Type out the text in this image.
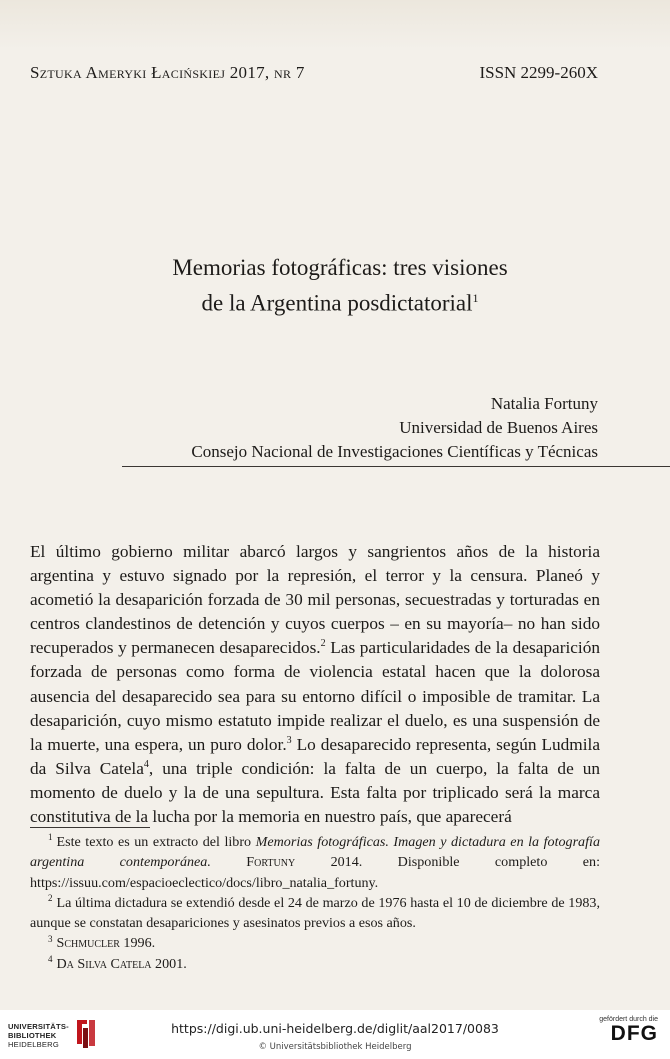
Sztuka Ameryki Łacińskiej 2017, nr 7	ISSN 2299-260X
Memorias fotográficas: tres visiones
de la Argentina posdictatorial$^1$
Natalia Fortuny
Universidad de Buenos Aires
Consejo Nacional de Investigaciones Científicas y Técnicas

El último gobierno militar abarcó largos y sangrientos años de la historia argentina y estuvo signado por la represión, el terror y la censura. Planeó y acometió la desaparición forzada de 30 mil personas, secuestradas y torturadas en centros clandestinos de detención y cuyos cuerpos – en su mayoría– no han sido recuperados y permanecen desaparecidos.$^2$ Las particularidades de la desaparición forzada de personas como forma de violencia estatal hacen que la dolorosa ausencia del desaparecido sea para su entorno difícil o imposible de tramitar. La desaparición, cuyo mismo estatuto impide realizar el duelo, es una suspensión de la muerte, una espera, un puro dolor.$^3$ Lo desaparecido representa, según Ludmila da Silva Catela$^4$, una triple condición: la falta de un cuerpo, la falta de un momento de duelo y la de una sepultura. Esta falta por triplicado será la marca constitutiva de la lucha por la memoria en nuestro país, que aparecerá

$^1$ Este texto es un extracto del libro Memorias fotográficas. Imagen y dictadura en la fotografía argentina contemporánea.	Fortuny 2014. Disponible completo en: https://issuu.com/espacioeclectico/docs/libro_natalia_fortuny.

$^2$ La última dictadura se extendió desde el 24 de marzo de 1976 hasta el 10 de diciembre de 1983, aunque se constatan desapariciones y asesinatos previos a esos años.

$^3$ Schmucler 1996.

$^4$ Da Silva Catela 2001.

UNIVERSITÄTS-
BIBLIOTHEK
HEIDELBERG
https://digi.ub.uni-heidelberg.de/diglit/aal2017/0083
© Universitätsbibliothek Heidelberg
gefördert durch die
DFG
